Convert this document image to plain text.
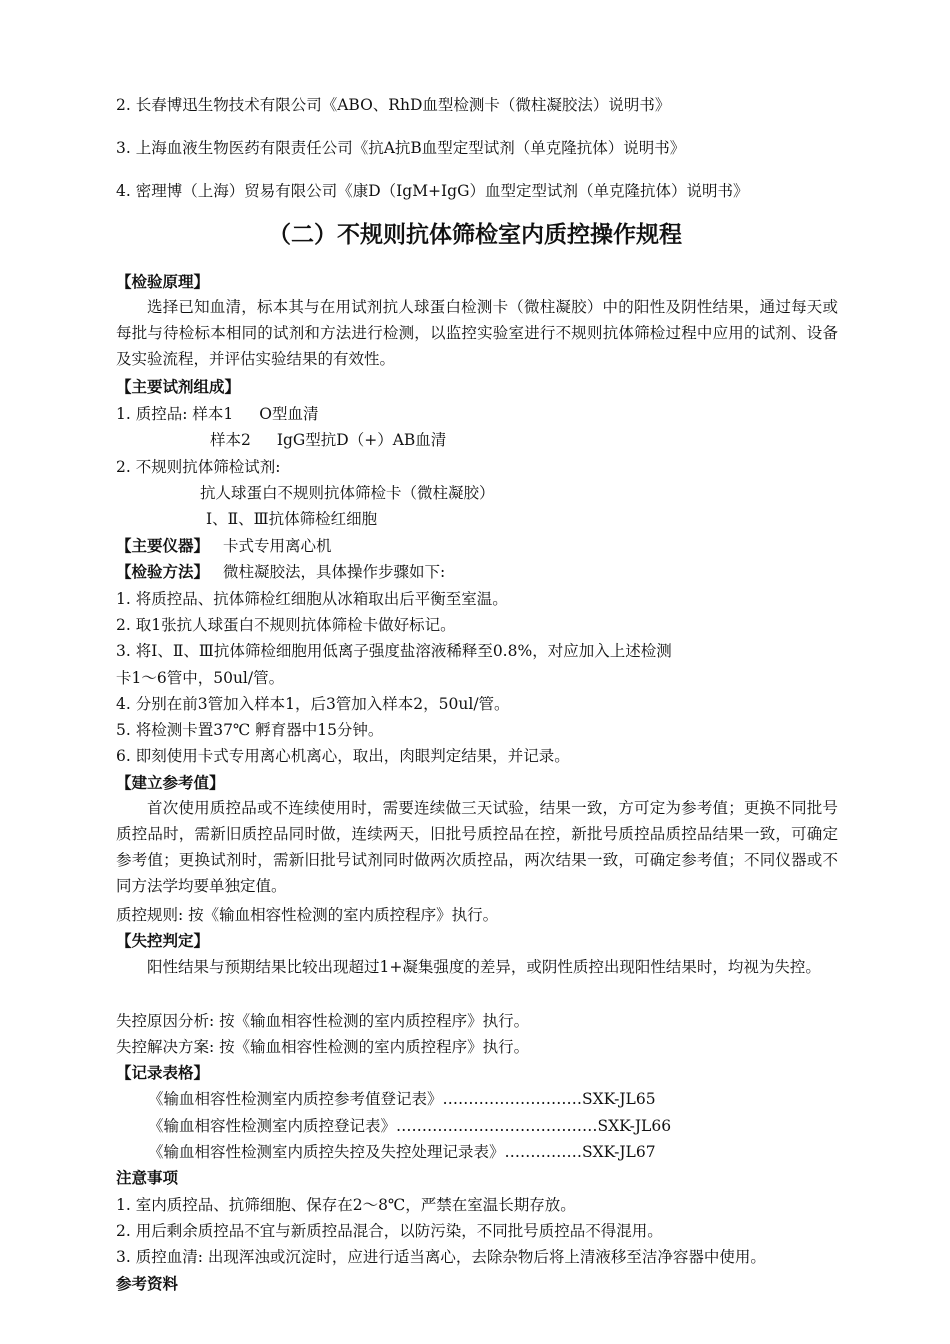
2. 长春博迅生物技术有限公司《ABO、RhD血型检测卡（微柱凝胶法）说明书》
3. 上海血液生物医药有限责任公司《抗A抗B血型定型试剂（单克隆抗体）说明书》
4. 密理博（上海）贸易有限公司《康D（IgM+IgG）血型定型试剂（单克隆抗体）说明书》
（二）不规则抗体筛检室内质控操作规程
【检验原理】
选择已知血清，标本其与在用试剂抗人球蛋白检测卡（微柱凝胶）中的阳性及阴性结果，通过每天或每批与待检标本相同的试剂和方法进行检测，以监控实验室进行不规则抗体筛检过程中应用的试剂、设备及实验流程，并评估实验结果的有效性。
【主要试剂组成】
1. 质控品: 样本1 O型血清
样本2 IgG型抗D（+）AB血清
2. 不规则抗体筛检试剂:
抗人球蛋白不规则抗体筛检卡（微柱凝胶）
Ⅰ、Ⅱ、Ⅲ抗体筛检红细胞
【主要仪器】 卡式专用离心机
【检验方法】 微柱凝胶法，具体操作步骤如下:
1. 将质控品、抗体筛检红细胞从冰箱取出后平衡至室温。
2. 取1张抗人球蛋白不规则抗体筛检卡做好标记。
3. 将Ⅰ、Ⅱ、Ⅲ抗体筛检细胞用低离子强度盐溶液稀释至0.8%，对应加入上述检测
卡1～6管中，50ul/管。
4. 分别在前3管加入样本1，后3管加入样本2，50ul/管。
5. 将检测卡置37℃ 孵育器中15分钟。
6. 即刻使用卡式专用离心机离心，取出，肉眼判定结果，并记录。
【建立参考值】
首次使用质控品或不连续使用时，需要连续做三天试验，结果一致，方可定为参考值；更换不同批号质控品时，需新旧质控品同时做，连续两天，旧批号质控品在控，新批号质控品质控品结果一致，可确定参考值；更换试剂时，需新旧批号试剂同时做两次质控品，两次结果一致，可确定参考值；不同仪器或不同方法学均要单独定值。
质控规则: 按《输血相容性检测的室内质控程序》执行。
【失控判定】
阳性结果与预期结果比较出现超过1+凝集强度的差异，或阴性质控出现阳性结果时，均视为失控。
失控原因分析: 按《输血相容性检测的室内质控程序》执行。
失控解决方案: 按《输血相容性检测的室内质控程序》执行。
【记录表格】
《输血相容性检测室内质控参考值登记表》………………………SXK-JL65
《输血相容性检测室内质控登记表》…………………………………SXK-JL66
《输血相容性检测室内质控失控及失控处理记录表》……………SXK-JL67
注意事项
1. 室内质控品、抗筛细胞、保存在2～8℃，严禁在室温长期存放。
2. 用后剩余质控品不宜与新质控品混合，以防污染，不同批号质控品不得混用。
3. 质控血清: 出现浑浊或沉淀时，应进行适当离心，去除杂物后将上清液移至洁净容器中使用。
参考资料
